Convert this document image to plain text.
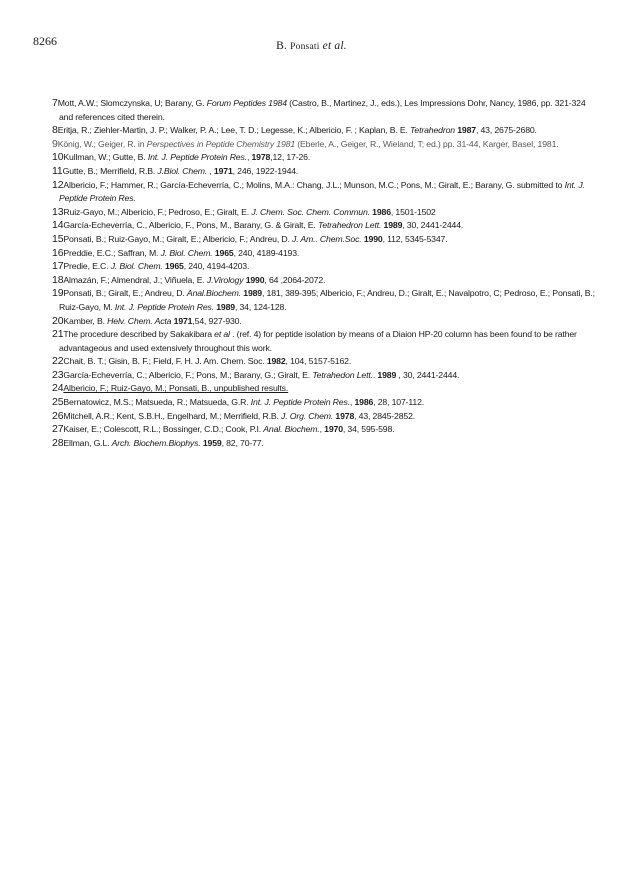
8266	B. Ponsati et al.

7Mott, A.W.; Slomczynska, U; Barany, G. Forum Peptides 1984 (Castro, B., Martinez, J., eds.), Les Impressions Dohr, Nancy, 1986, pp. 321-324 and references cited therein.

8Eritja, R.; Ziehler-Martin, J. P.; Walker, P. A.; Lee, T. D.; Legesse, K.; Albericio, F. ; Kaplan, B. E. Tetrahedron 1987, 43, 2675-2680.

9König, W.; Geiger, R. in Perspectives in Peptide Chemistry 1981 (Eberle, A., Geiger, R., Wieland, T; ed.) pp. 31-44, Karger, Basel, 1981.

10Kullman, W.; Gutte, B. Int. J. Peptide Protein Res., 1978,12, 17-26.

11Gutte, B.; Merrifield, R.B. J.Biol. Chem. , 1971, 246, 1922-1944.

12Albericio, F.; Hammer, R.; García-Echeverría, C.; Molins, M.A.: Chang, J.L.; Munson, M.C.; Pons, M.; Giralt, E.; Barany, G. submitted to Int. J. Peptide Protein Res.

13Ruiz-Gayo, M.; Albericio, F.; Pedroso, E.; Giralt, E. J. Chem. Soc. Chem. Commun. 1986, 1501-1502

14García-Echeverría, C., Albericio, F., Pons, M., Barany, G. & Giralt, E. Tetrahedron Lett. 1989, 30, 2441-2444.

15Ponsati, B.; Ruiz-Gayo, M.; Giralt, E.; Albericio, F.; Andreu, D. J. Am.. Chem.Soc. 1990, 112, 5345-5347.

16Preddie, E.C.; Saffran, M. J. Biol. Chem. 1965, 240, 4189-4193.

17Predie, E.C. J. Biol. Chem. 1965, 240, 4194-4203.

18Almazán, F.; Almendral, J.; Viñuela, E. J.Virology 1990, 64 ,2064-2072.

19Ponsati, B.; Giralt, E.; Andreu, D. Anal.Biochem. 1989, 181, 389-395; Albericio, F.; Andreu, D.; Giralt, E.; Navalpotro, C; Pedroso, E.; Ponsati, B.; Ruiz-Gayo, M. Int. J. Peptide Protein Res. 1989, 34, 124-128.

20Kamber, B. Helv. Chem. Acta 1971,54, 927-930.

21The procedure described by Sakakibara et al . (ref. 4) for peptide isolation by means of a Diaion HP-20 column has been found to be rather advantageous and used extensively throughout this work.

22Chait, B. T.; Gisin, B. F.; Field, F. H. J. Am. Chem. Soc. 1982, 104, 5157-5162.

23García-Echeverría, C.; Albericio, F.; Pons, M.; Barany, G.; Giralt, E. Tetrahedon Lett.. 1989 , 30, 2441-2444.

24Albericio, F.; Ruiz-Gayo, M.; Ponsati, B., unpublished results.

25Bernatowicz, M.S.; Matsueda, R.; Matsueda, G.R. Int. J. Peptide Protein Res., 1986, 28, 107-112.

26Mitchell, A.R.; Kent, S.B.H., Engelhard, M.; Merrifield, R.B. J. Org. Chem. 1978, 43, 2845-2852.

27Kaiser, E.; Colescott, R.L.; Bossinger, C.D.; Cook, P.I. Anal. Biochem., 1970, 34, 595-598.

28Ellman, G.L. Arch. Biochem.Biophys. 1959, 82, 70-77.
